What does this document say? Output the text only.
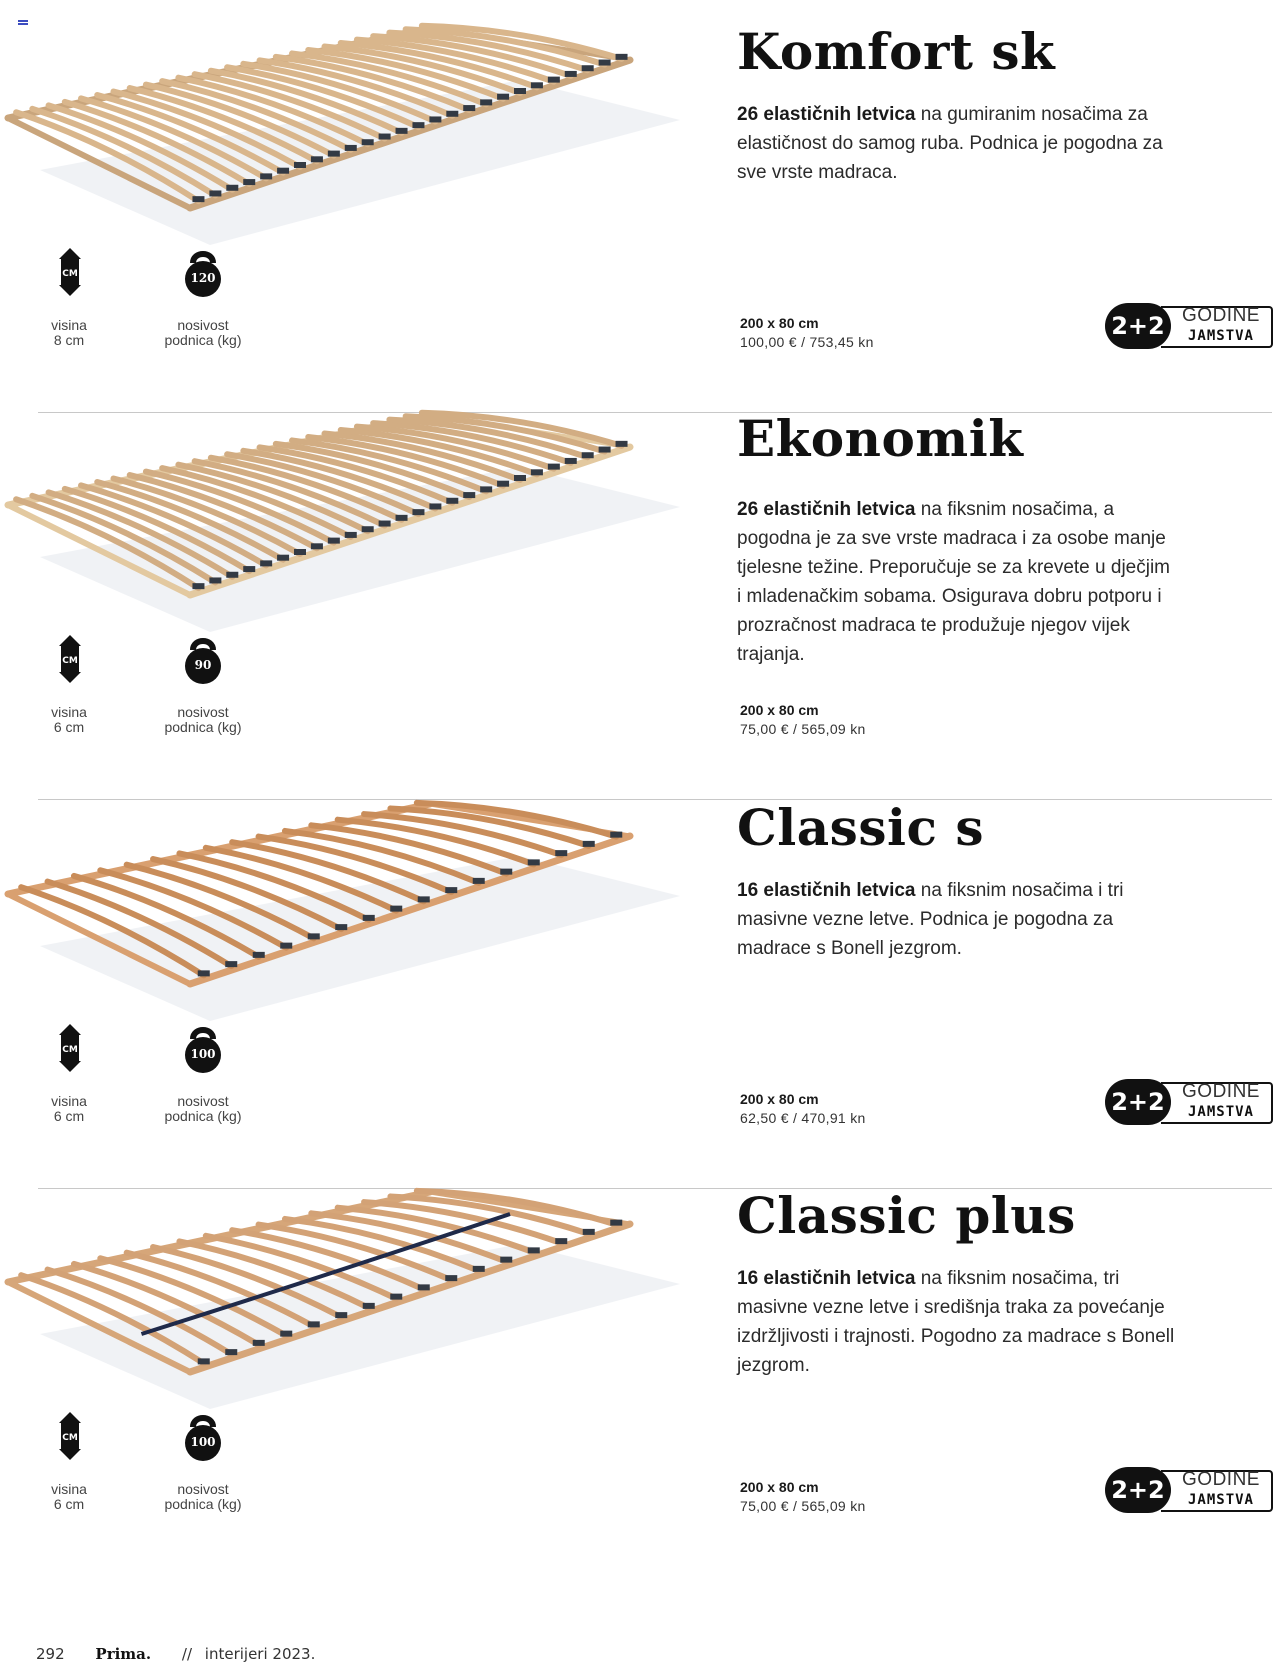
Komfort sk

26 elastičnih letvica na gumiranim nosačima za elastičnost do samog ruba. Podnica je pogodna za sve vrste madraca.

CM	120
visina
8 cm
nosivost
podnica (kg)
200 x 80 cm
100,00 € / 753,45 kn
2+2 GODINE
JAMSTVA
Ekonomik

26 elastičnih letvica na fiksnim nosačima, a pogodna je za sve vrste madraca i za osobe manje tjelesne težine. Preporučuje se za krevete u dječjim i mladenačkim sobama. Osigurava dobru potporu i prozračnost madraca te produžuje njegov vijek trajanja.

CM	90
visina
6 cm
nosivost
podnica (kg)
200 x 80 cm
75,00 € / 565,09 kn
Classic s

16 elastičnih letvica na fiksnim nosačima i tri masivne vezne letve. Podnica je pogodna za madrace s Bonell jezgrom.

CM	100
visina
6 cm
nosivost
podnica (kg)
200 x 80 cm
62,50 € / 470,91 kn
2+2 GODINE
JAMSTVA
Classic plus

16 elastičnih letvica na fiksnim nosačima, tri masivne vezne letve i središnja traka za povećanje izdržljivosti i trajnosti. Pogodno za madrace s Bonell jezgrom.

CM	100
visina
6 cm
nosivost
podnica (kg)
200 x 80 cm
75,00 € / 565,09 kn
2+2 GODINE
JAMSTVA
292 Prima. // interijeri 2023.
